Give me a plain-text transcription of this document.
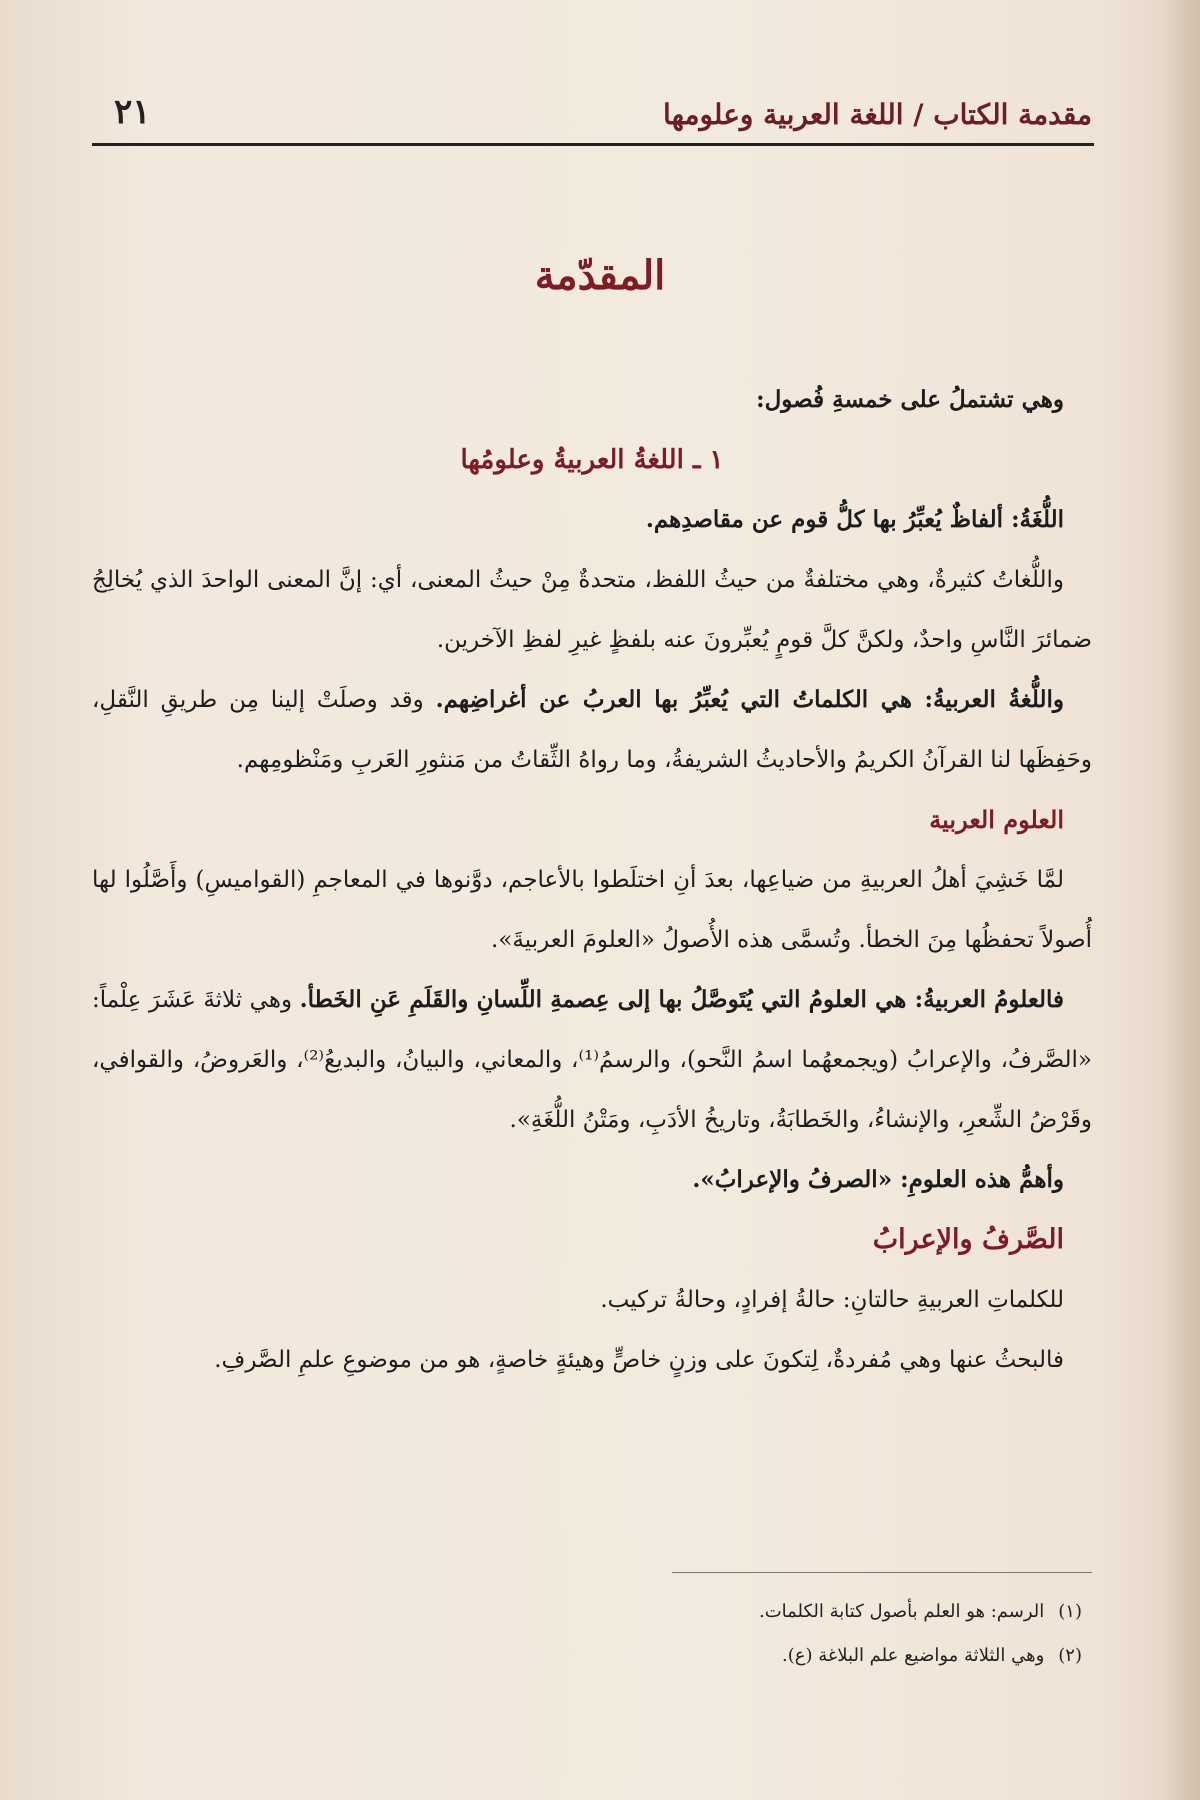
مقدمة الكتاب / اللغة العربية وعلومها
٢١
المقدّمة

وهي تشتملُ على خمسةِ فُصول:

١ ـ اللغةُ العربيةُ وعلومُها

اللُّغَةُ: ألفاظٌ يُعبِّرُ بها كلُّ قوم عن مقاصدِهم.

واللُّغاتُ كثيرةٌ، وهي مختلفةٌ من حيثُ اللفظ، متحدةٌ مِنْ حيثُ المعنى، أي: إنَّ المعنى الواحدَ الذي يُخالِجُ ضمائرَ النَّاسِ واحدٌ، ولكنَّ كلَّ قومٍ يُعبِّرونَ عنه بلفظٍ غيرِ لفظِ الآخرين.

واللُّغةُ العربيةُ: هي الكلماتُ التي يُعبِّرُ بها العربُ عن أغراضِهم. وقد وصلَتْ إلينا مِن طريقِ النَّقلِ، وحَفِظَها لنا القرآنُ الكريمُ والأحاديثُ الشريفةُ، وما رواهُ الثِّقاتُ من مَنثورِ العَربِ ومَنْظومِهم.

العلوم العربية

لمَّا خَشِيَ أهلُ العربيةِ من ضياعِها، بعدَ أنِ اختلَطوا بالأعاجم، دوَّنوها في المعاجمِ (القواميسِ) وأَصَّلُوا لها أُصولاً تحفظُها مِنَ الخطأ. وتُسمَّى هذه الأُصولُ «العلومَ العربيةَ».

فالعلومُ العربيةُ: هي العلومُ التي يُتَوصَّلُ بها إلى عِصمةِ اللِّسانِ والقَلَمِ عَنِ الخَطأ. وهي ثلاثةَ عَشَرَ عِلْماً: «الصَّرفُ، والإعرابُ (ويجمعهُما اسمُ النَّحو)، والرسمُ⁽¹⁾، والمعاني، والبيانُ، والبديعُ⁽²⁾، والعَروضُ، والقوافي، وقَرْضُ الشِّعرِ، والإنشاءُ، والخَطابَةُ، وتاريخُ الأدَبِ، ومَتْنُ اللُّغَةِ».

وأهمُّ هذه العلومِ: «الصرفُ والإعرابُ».

الصَّرفُ والإعرابُ

للكلماتِ العربيةِ حالتانِ: حالةُ إفرادٍ، وحالةُ تركيب.

فالبحثُ عنها وهي مُفردةٌ، لِتكونَ على وزنٍ خاصٍّ وهيئةٍ خاصةٍ، هو من موضوعِ علمِ الصَّرفِ.

(١)الرسم: هو العلم بأصول كتابة الكلمات.

(٢)وهي الثلاثة مواضيع علم البلاغة (ع).
